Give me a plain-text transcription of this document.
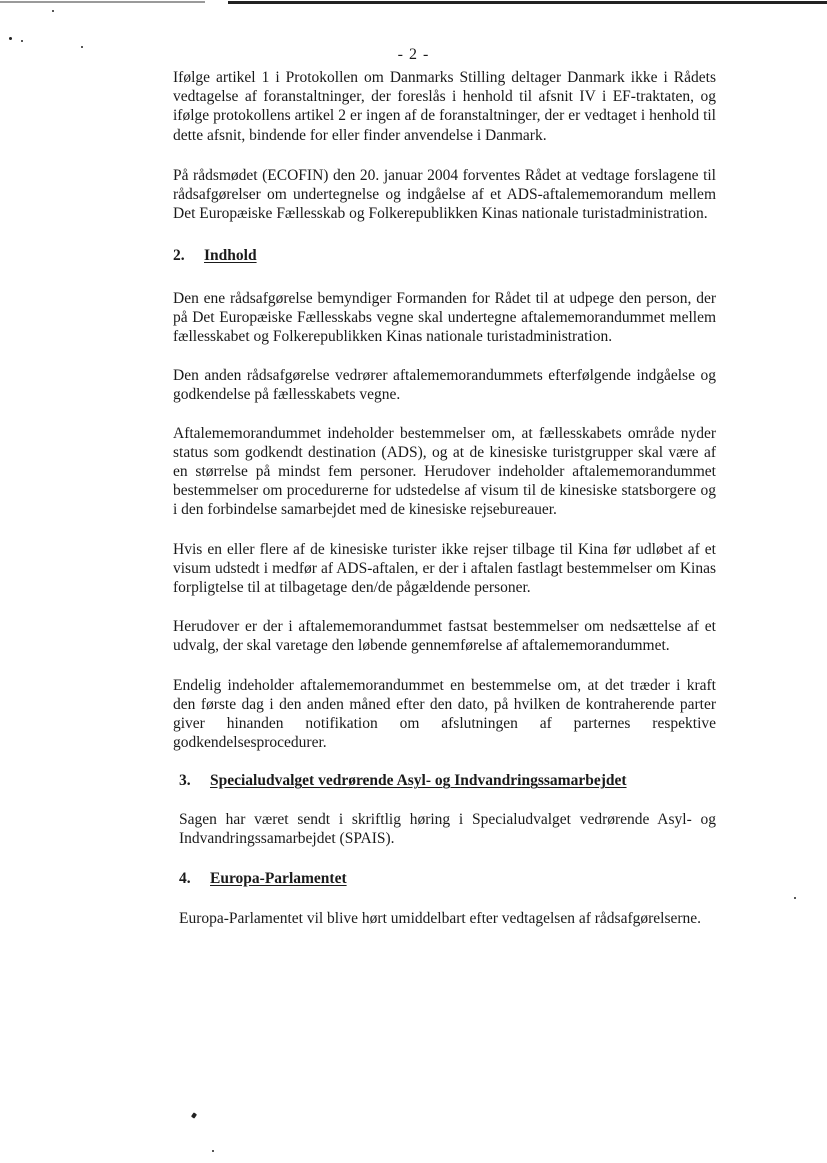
- 2 -

Ifølge artikel 1 i Protokollen om Danmarks Stilling deltager Danmark ikke i Rådets vedtagelse af foranstaltninger, der foreslås i henhold til afsnit IV i EF-traktaten, og ifølge protokollens artikel 2 er ingen af de foranstaltninger, der er vedtaget i henhold til dette afsnit, bindende for eller finder anvendelse i Danmark.

På rådsmødet (ECOFIN) den 20. januar 2004 forventes Rådet at vedtage forslagene til rådsafgørelser om undertegnelse og indgåelse af et ADS-aftalememorandum mellem Det Europæiske Fællesskab og Folkerepublikken Kinas nationale turistadministration.

2.	Indhold

Den ene rådsafgørelse bemyndiger Formanden for Rådet til at udpege den person, der på Det Europæiske Fællesskabs vegne skal undertegne aftalememorandummet mellem fællesskabet og Folkerepublikken Kinas nationale turistadministration.

Den anden rådsafgørelse vedrører aftalememorandummets efterfølgende indgåelse og godkendelse på fællesskabets vegne.

Aftalememorandummet indeholder bestemmelser om, at fællesskabets område nyder status som godkendt destination (ADS), og at de kinesiske turistgrupper skal være af en størrelse på mindst fem personer. Herudover indeholder aftalememorandummet bestemmelser om procedurerne for udstedelse af visum til de kinesiske statsborgere og i den forbindelse samarbejdet med de kinesiske rejsebureauer.

Hvis en eller flere af de kinesiske turister ikke rejser tilbage til Kina før udløbet af et visum udstedt i medfør af ADS-aftalen, er der i aftalen fastlagt bestemmelser om Kinas forpligtelse til at tilbagetage den/de pågældende personer.

Herudover er der i aftalememorandummet fastsat bestemmelser om nedsættelse af et udvalg, der skal varetage den løbende gennemførelse af aftalememorandummet.

Endelig indeholder aftalememorandummet en bestemmelse om, at det træder i kraft den første dag i den anden måned efter den dato, på hvilken de kontraherende parter giver hinanden notifikation om afslutningen af parternes respektive godkendelsesprocedurer.

3.	Specialudvalget vedrørende Asyl- og Indvandringssamarbejdet

Sagen har været sendt i skriftlig høring i Specialudvalget vedrørende Asyl- og Indvandringssamarbejdet (SPAIS).

4.	Europa-Parlamentet

Europa-Parlamentet vil blive hørt umiddelbart efter vedtagelsen af rådsafgørelserne.
